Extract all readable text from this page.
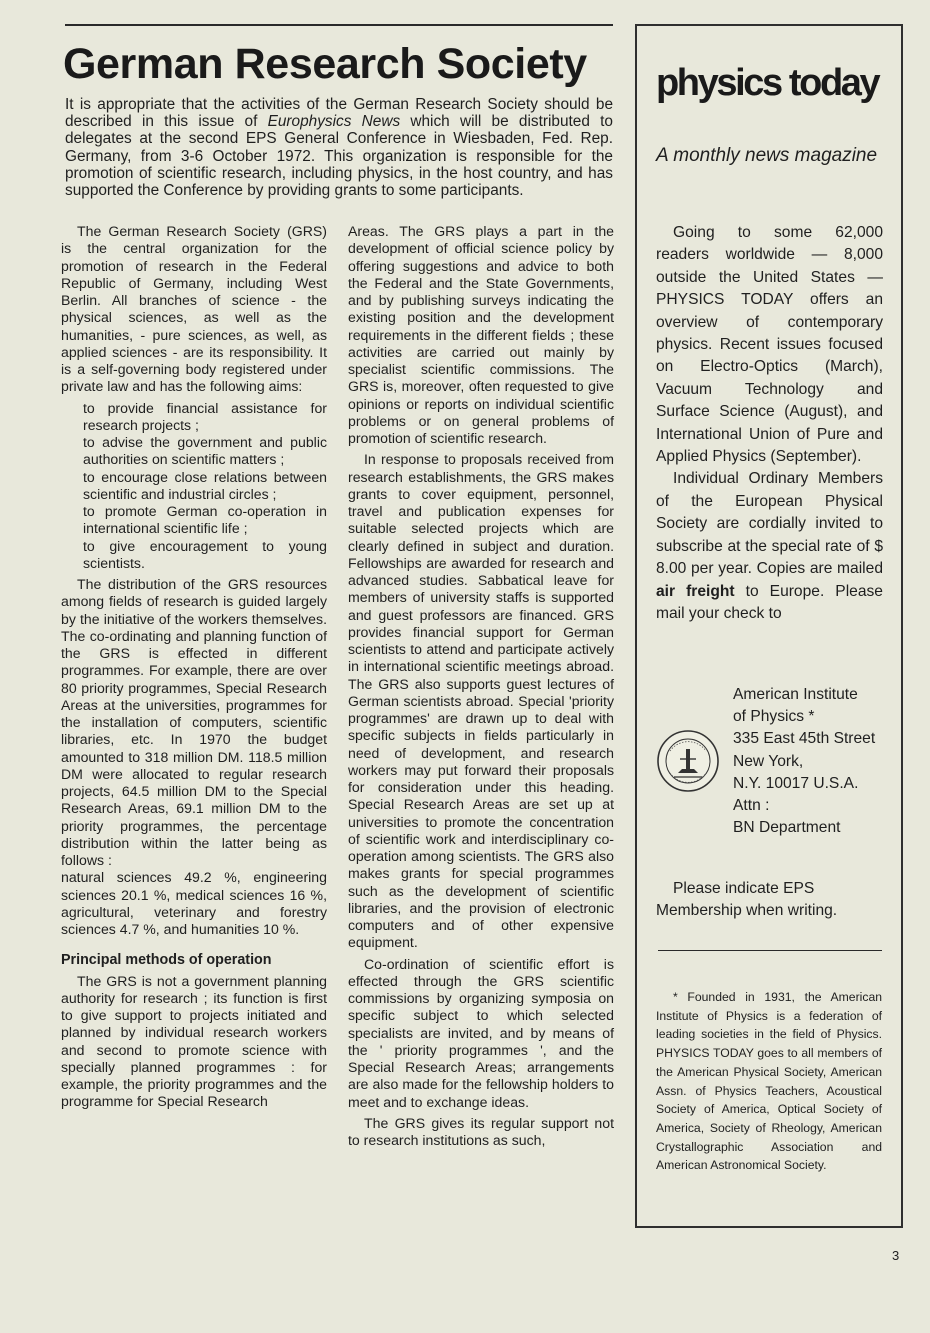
German Research Society

It is appropriate that the activities of the German Research Society should be described in this issue of Europhysics News which will be distributed to delegates at the second EPS General Conference in Wiesbaden, Fed. Rep. Germany, from 3-6 October 1972. This organization is responsible for the promotion of scientific research, including physics, in the host country, and has supported the Conference by providing grants to some participants.

The German Research Society (GRS) is the central organization for the promotion of research in the Federal Republic of Germany, including West Berlin. All branches of science - the physical sciences, as well as the humanities, - pure sciences, as well, as applied sciences - are its responsibility. It is a self-governing body registered under private law and has the following aims:

to provide financial assistance for research projects ;

to advise the government and public authorities on scientific matters ;

to encourage close relations between scientific and industrial circles ;

to promote German co-operation in international scientific life ;

to give encouragement to young scientists.

The distribution of the GRS resources among fields of research is guided largely by the initiative of the workers themselves. The co-ordinating and planning function of the GRS is effected in different programmes. For example, there are over 80 priority programmes, Special Research Areas at the universities, programmes for the installation of computers, scientific libraries, etc. In 1970 the budget amounted to 318 million DM. 118.5 million DM were allocated to regular research projects, 64.5 million DM to the Special Research Areas, 69.1 million DM to the priority programmes, the percentage distribution within the latter being as follows :

natural sciences 49.2 %, engineering sciences 20.1 %, medical sciences 16 %, agricultural, veterinary and forestry sciences 4.7 %, and humanities 10 %.

Principal methods of operation

The GRS is not a government planning authority for research ; its function is first to give support to projects initiated and planned by individual research workers and second to promote science with specially planned programmes : for example, the priority programmes and the programme for Special Research

Areas. The GRS plays a part in the development of official science policy by offering suggestions and advice to both the Federal and the State Governments, and by publishing surveys indicating the existing position and the development requirements in the different fields ; these activities are carried out mainly by specialist scientific commissions. The GRS is, moreover, often requested to give opinions or reports on individual scientific problems or on general problems of promotion of scientific research.

In response to proposals received from research establishments, the GRS makes grants to cover equipment, personnel, travel and publication expenses for suitable selected projects which are clearly defined in subject and duration. Fellowships are awarded for research and advanced studies. Sabbatical leave for members of university staffs is supported and guest professors are financed. GRS provides financial support for German scientists to attend and participate actively in international scientific meetings abroad. The GRS also supports guest lectures of German scientists abroad. Special 'priority programmes' are drawn up to deal with specific subjects in fields particularly in need of development, and research workers may put forward their proposals for consideration under this heading. Special Research Areas are set up at universities to promote the concentration of scientific work and interdisciplinary co-operation among scientists. The GRS also makes grants for special programmes such as the development of scientific libraries, and the provision of electronic computers and of other expensive equipment.

Co-ordination of scientific effort is effected through the GRS scientific commissions by organizing symposia on specific subject to which selected specialists are invited, and by means of the ' priority programmes ', and the Special Research Areas; arrangements are also made for the fellowship holders to meet and to exchange ideas.

The GRS gives its regular support not to research institutions as such,

physics today

A monthly news magazine

Going to some 62,000 readers worldwide — 8,000 outside the United States — PHYSICS TODAY offers an overview of contemporary physics. Recent issues focused on Electro-Optics (March), Vacuum Technology and Surface Science (August), and International Union of Pure and Applied Physics (September).

Individual Ordinary Members of the European Physical Society are cordially invited to subscribe at the special rate of $ 8.00 per year. Copies are mailed air freight to Europe. Please mail your check to

American Institute
of Physics *
335 East 45th Street
New York,
N.Y. 10017 U.S.A.
Attn :
BN Department

Please indicate EPS Membership when writing.

* Founded in 1931, the American Institute of Physics is a federation of leading societies in the field of Physics. PHYSICS TODAY goes to all members of the American Physical Society, American Assn. of Physics Teachers, Acoustical Society of America, Optical Society of America, Society of Rheology, American Crystallographic Association and American Astronomical Society.

3
